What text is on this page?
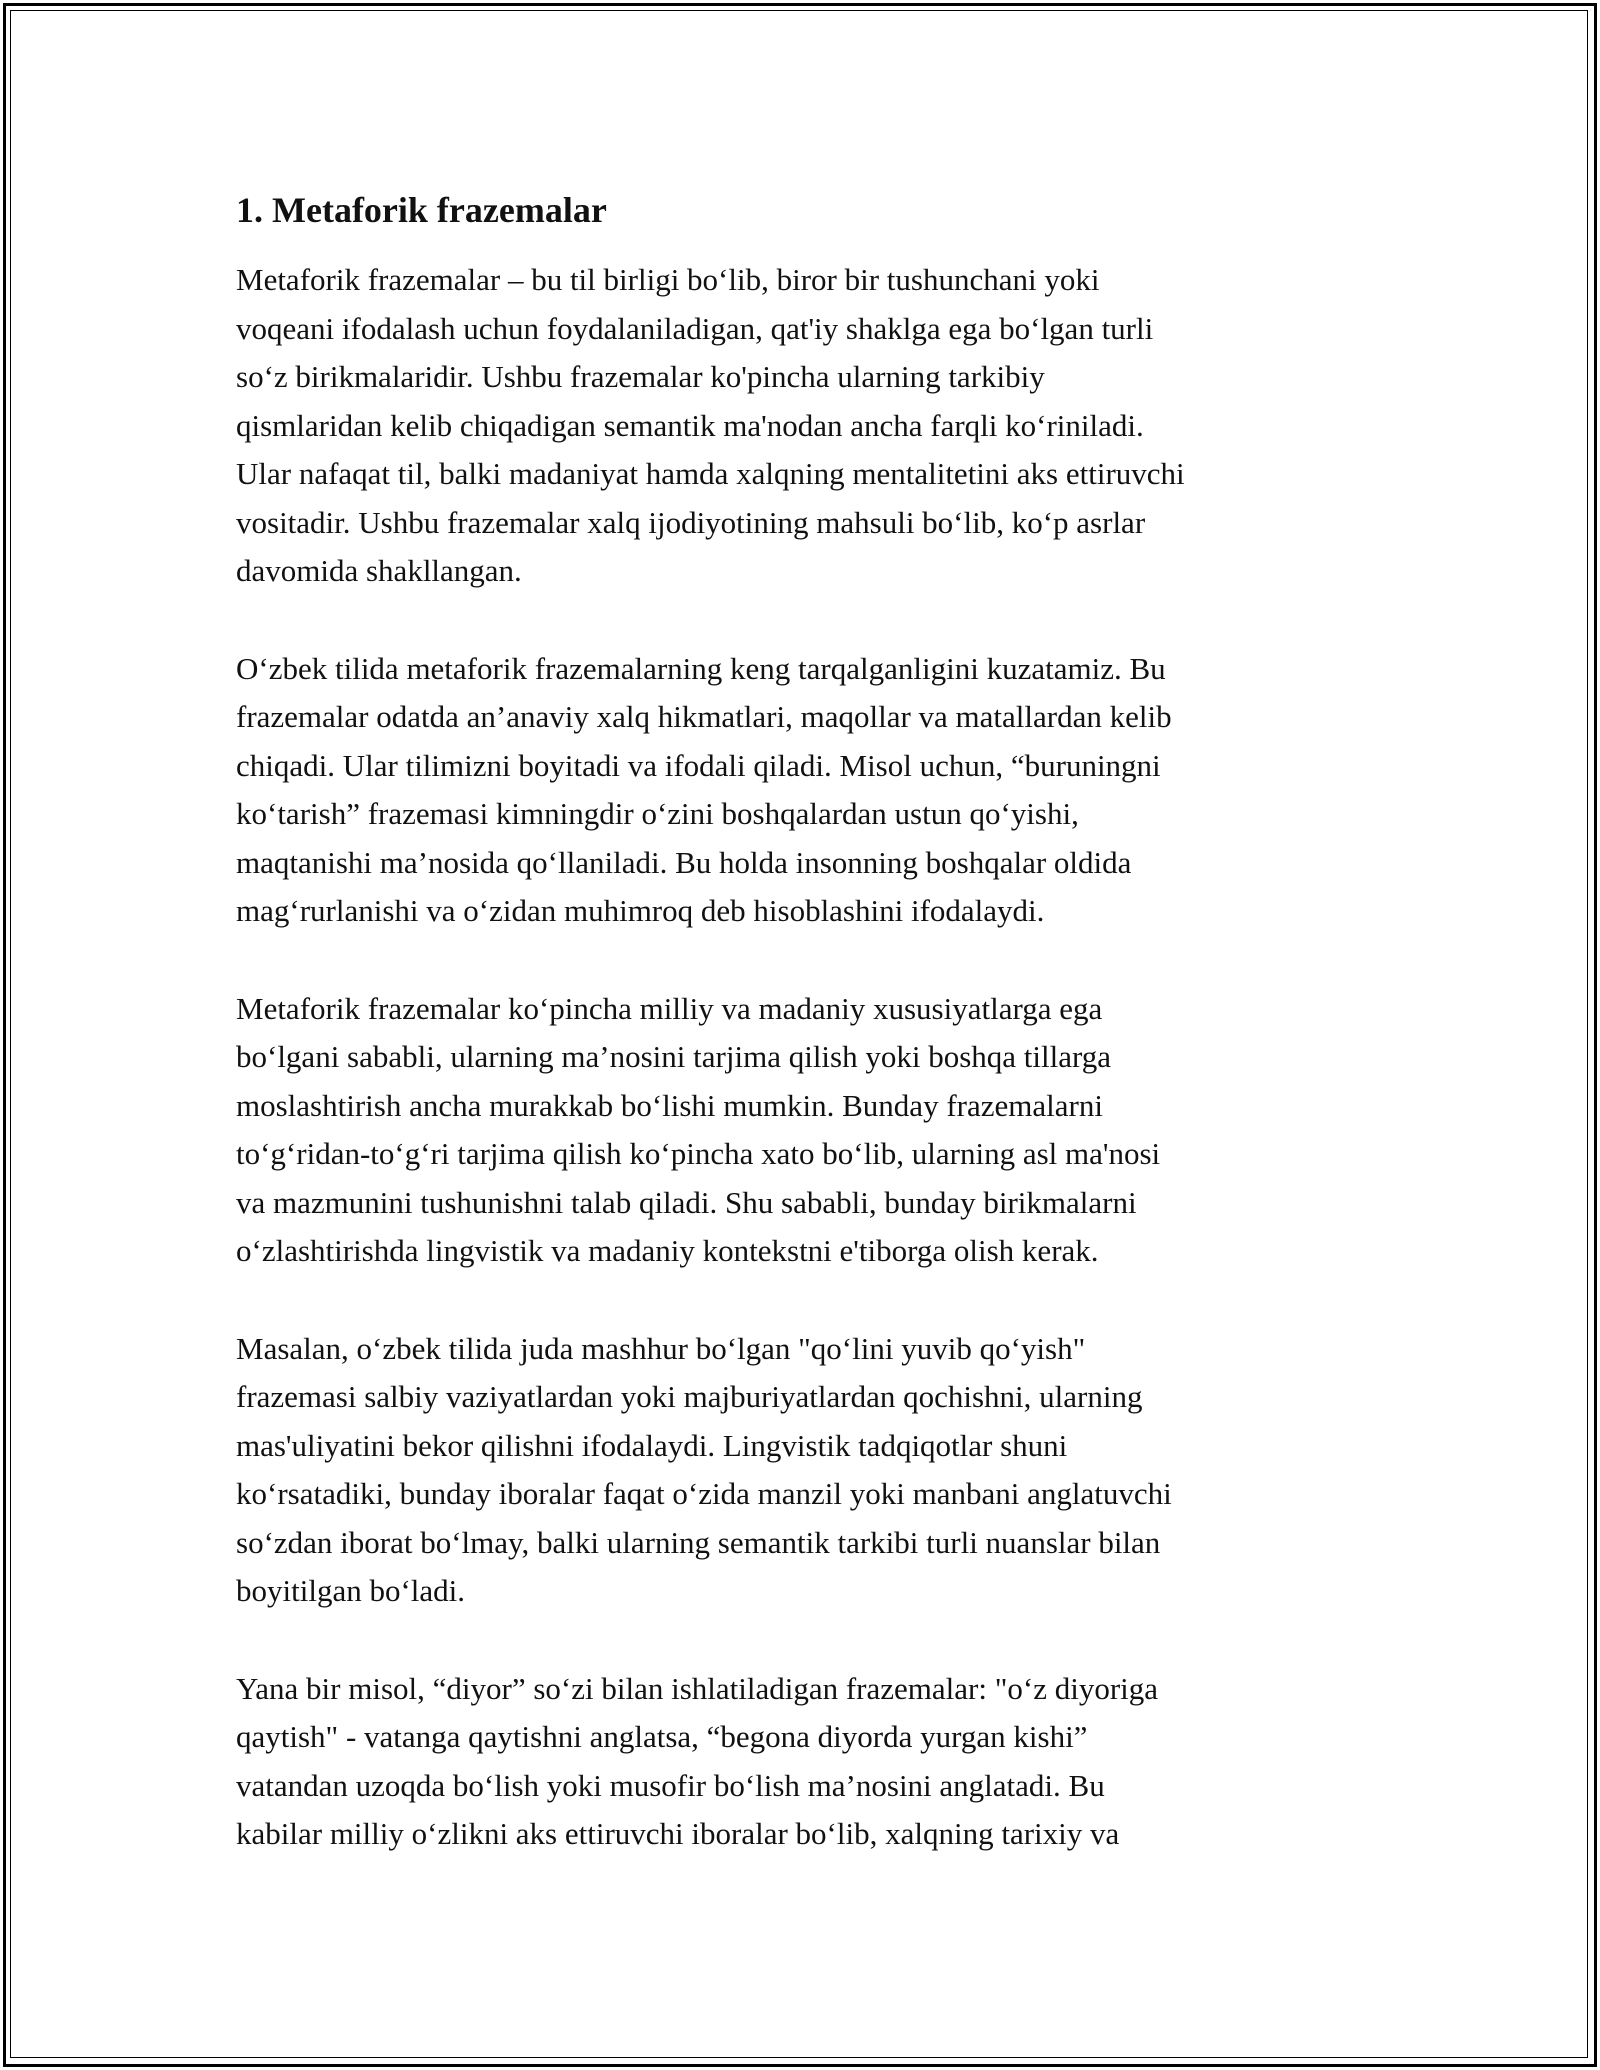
1. Metaforik frazemalar

Metaforik frazemalar – bu til birligi bo‘lib, biror bir tushunchani yoki
voqeani ifodalash uchun foydalaniladigan, qat'iy shaklga ega bo‘lgan turli
so‘z birikmalaridir. Ushbu frazemalar ko'pincha ularning tarkibiy
qismlaridan kelib chiqadigan semantik ma'nodan ancha farqli ko‘riniladi.
Ular nafaqat til, balki madaniyat hamda xalqning mentalitetini aks ettiruvchi
vositadir. Ushbu frazemalar xalq ijodiyotining mahsuli bo‘lib, ko‘p asrlar
davomida shakllangan.

O‘zbek tilida metaforik frazemalarning keng tarqalganligini kuzatamiz. Bu
frazemalar odatda an’anaviy xalq hikmatlari, maqollar va matallardan kelib
chiqadi. Ular tilimizni boyitadi va ifodali qiladi. Misol uchun, “buruningni
ko‘tarish” frazemasi kimningdir o‘zini boshqalardan ustun qo‘yishi,
maqtanishi ma’nosida qo‘llaniladi. Bu holda insonning boshqalar oldida
mag‘rurlanishi va o‘zidan muhimroq deb hisoblashini ifodalaydi.

Metaforik frazemalar ko‘pincha milliy va madaniy xususiyatlarga ega
bo‘lgani sababli, ularning ma’nosini tarjima qilish yoki boshqa tillarga
moslashtirish ancha murakkab bo‘lishi mumkin. Bunday frazemalarni
to‘g‘ridan-to‘g‘ri tarjima qilish ko‘pincha xato bo‘lib, ularning asl ma'nosi
va mazmunini tushunishni talab qiladi. Shu sababli, bunday birikmalarni
o‘zlashtirishda lingvistik va madaniy kontekstni e'tiborga olish kerak.

Masalan, o‘zbek tilida juda mashhur bo‘lgan "qo‘lini yuvib qo‘yish"
frazemasi salbiy vaziyatlardan yoki majburiyatlardan qochishni, ularning
mas'uliyatini bekor qilishni ifodalaydi. Lingvistik tadqiqotlar shuni
ko‘rsatadiki, bunday iboralar faqat o‘zida manzil yoki manbani anglatuvchi
so‘zdan iborat bo‘lmay, balki ularning semantik tarkibi turli nuanslar bilan
boyitilgan bo‘ladi.

Yana bir misol, “diyor” so‘zi bilan ishlatiladigan frazemalar: "o‘z diyoriga
qaytish" - vatanga qaytishni anglatsa, “begona diyorda yurgan kishi”
vatandan uzoqda bo‘lish yoki musofir bo‘lish ma’nosini anglatadi. Bu
kabilar milliy o‘zlikni aks ettiruvchi iboralar bo‘lib, xalqning tarixiy va
